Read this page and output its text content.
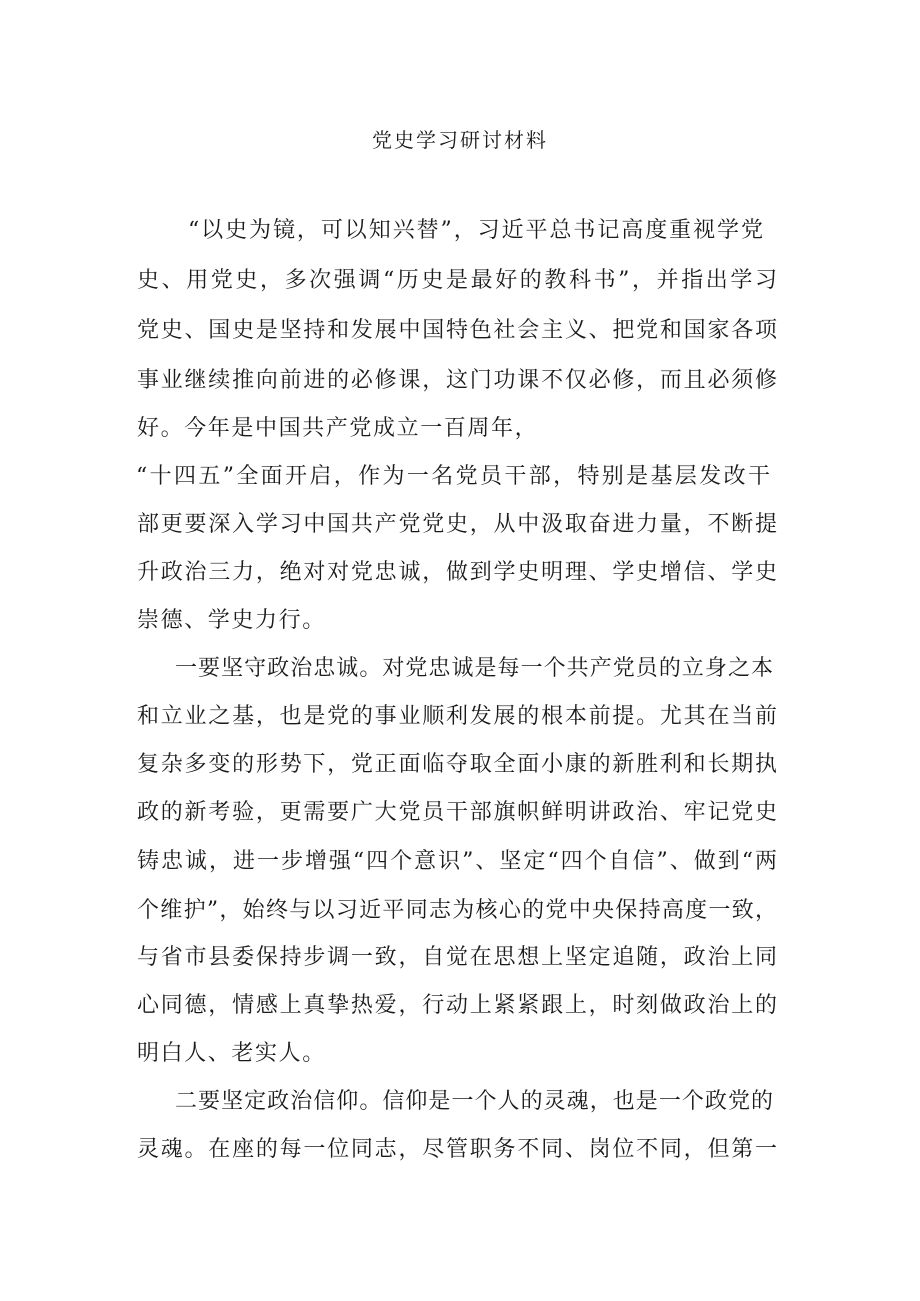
党史学习研讨材料
“以史为镜，可以知兴替”，习近平总书记高度重视学党
史、用党史，多次强调“历史是最好的教科书”，并指出学习
党史、国史是坚持和发展中国特色社会主义、把党和国家各项
事业继续推向前进的必修课，这门功课不仅必修，而且必须修
好。今年是中国共产党成立一百周年，
“十四五”全面开启，作为一名党员干部，特别是基层发改干
部更要深入学习中国共产党党史，从中汲取奋进力量，不断提
升政治三力，绝对对党忠诚，做到学史明理、学史增信、学史
崇德、学史力行。
一要坚守政治忠诚。对党忠诚是每一个共产党员的立身之本
和立业之基，也是党的事业顺利发展的根本前提。尤其在当前
复杂多变的形势下，党正面临夺取全面小康的新胜利和长期执
政的新考验，更需要广大党员干部旗帜鲜明讲政治、牢记党史
铸忠诚，进一步增强“四个意识”、坚定“四个自信”、做到“两
个维护”，始终与以习近平同志为核心的党中央保持高度一致，
与省市县委保持步调一致，自觉在思想上坚定追随，政治上同
心同德，情感上真挚热爱，行动上紧紧跟上，时刻做政治上的
明白人、老实人。
二要坚定政治信仰。信仰是一个人的灵魂，也是一个政党的
灵魂。在座的每一位同志，尽管职务不同、岗位不同，但第一
